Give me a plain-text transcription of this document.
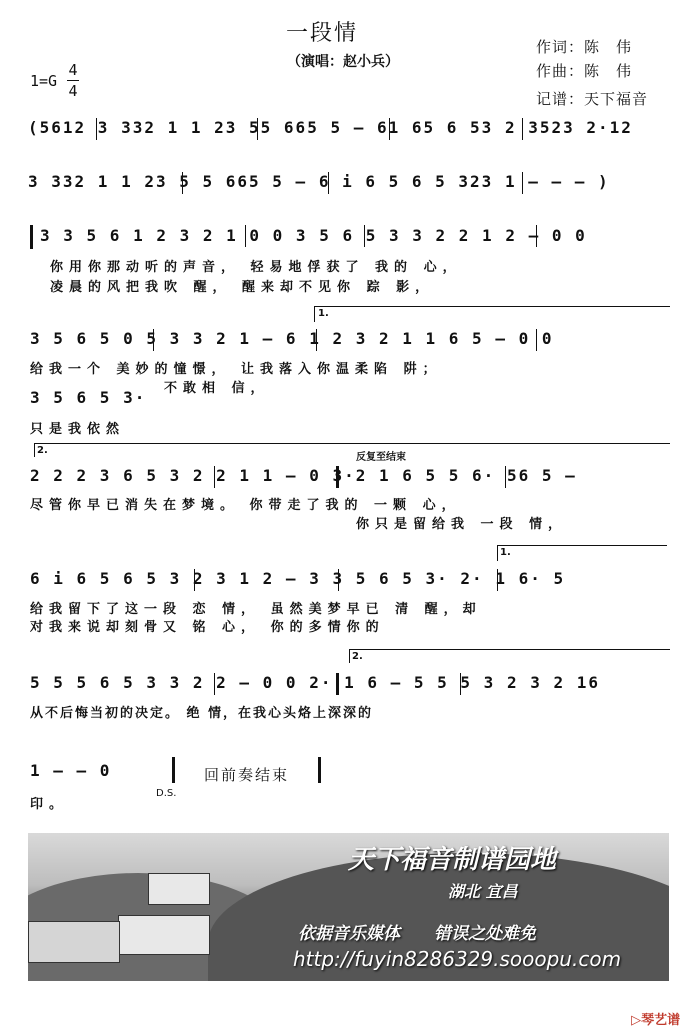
一段情
（演唱：赵小兵）
作词：陈　伟
作曲：陈　伟
记谱：天下福音
1=G
4
4
(5612 3 332 1 1 23 55 665 5 – 61 65 6 53 2 3523 2·12
3 332 1 1 23 5 5 665 5 – 6 i 6 5 6 5 323 1 – – – )
3 3 5 6 1 2 3 2 1 0 0 3 5 6 5 3 3 2 2 1 2 – 0 0
你用你那动听的声音， 轻易地俘获了 我的 心，
凌晨的风把我吹 醒， 醒来却不见你 踪 影，
1.
3 5 6 5 0 5 3 3 2 1 – 6 1 2 3 2 1 1 6 5 – 0 0
给我一个 美妙的憧憬， 让我落入你温柔陷 阱；
不敢相 信，
3 5 6 5 3·
只是我依然
2.
反复至结束
2 2 2 3 6 5 3 2 2 1 1 – 0 3·2 1 6 5 5 6· 56 5 –
尽管你早已消失在梦境。 你带走了我的 一颗 心，
你只是留给我 一段 情，
1.
6 i 6 5 6 5 3 2 3 1 2 – 3 3 5 6 5 3· 2· 1 6· 5
给我留下了这一段 恋 情， 虽然美梦早已 清 醒，却
对我来说却刻骨又 铭 心， 你的多情你的
2.
5 5 5 6 5 3 3 2 2 – 0 0 2· 1 6 – 5 5 5 3 2 3 2 16
从不后悔当初的决定。 绝 情，在我心头烙上深深的
1 – – 0
印。
D.S.
回前奏结束
天下福音制谱园地
湖北 宜昌
依据音乐媒体　　错误之处难免
http://fuyin8286329.sooopu.com

▷琴艺谱
